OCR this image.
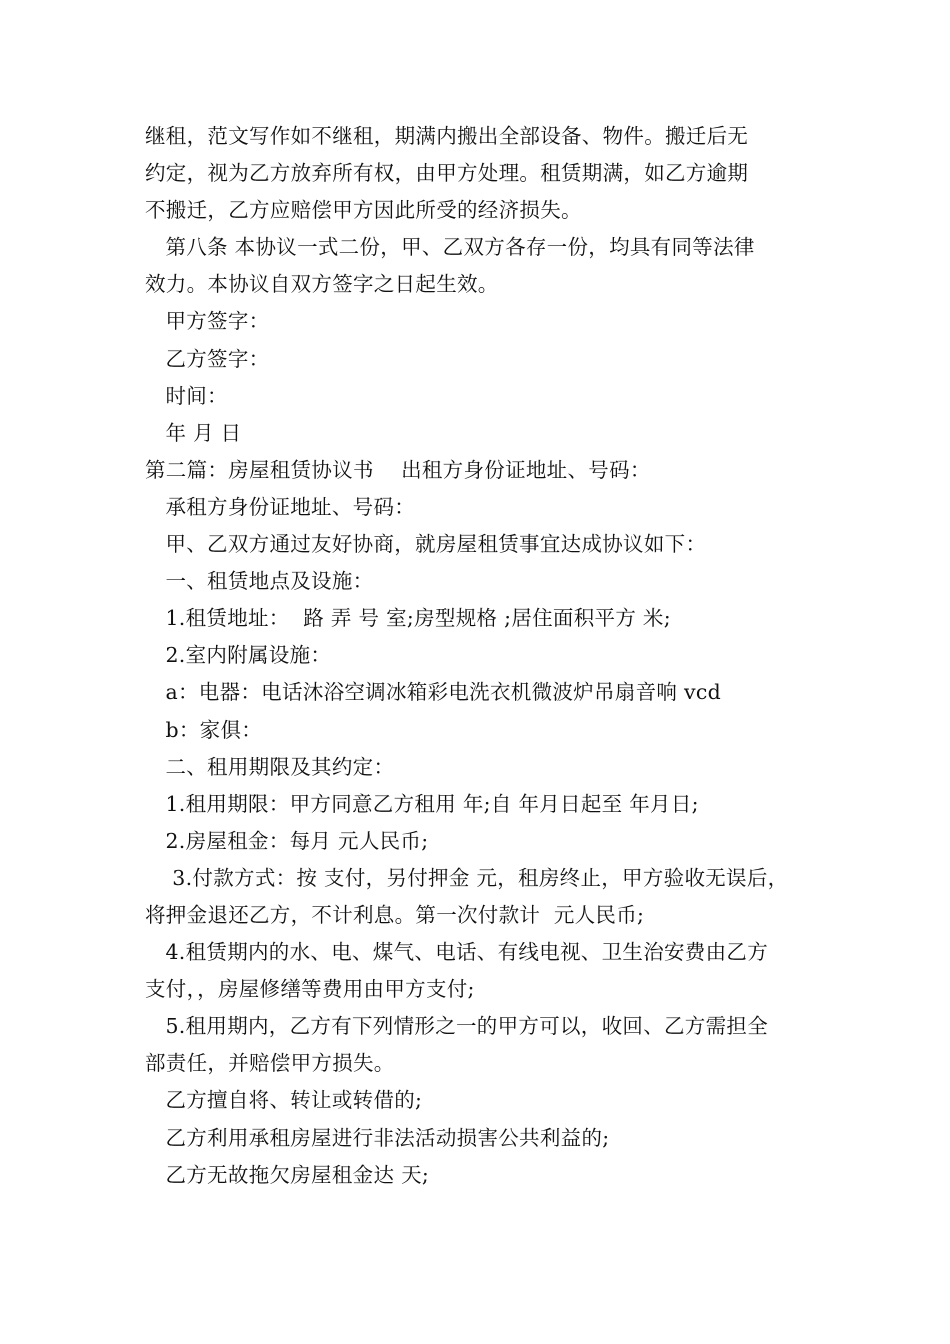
继租，范文写作如不继租，期满内搬出全部设备、物件。搬迁后无
约定，视为乙方放弃所有权，由甲方处理。租赁期满，如乙方逾期
不搬迁，乙方应赔偿甲方因此所受的经济损失。
第八条 本协议一式二份，甲、乙双方各存一份，均具有同等法律
效力。本协议自双方签字之日起生效。
甲方签字：
乙方签字：
时间：
年 月 日
第二篇：房屋租赁协议书    出租方身份证地址、号码：
承租方身份证地址、号码：
甲、乙双方通过友好协商，就房屋租赁事宜达成协议如下：
一、租赁地点及设施：
1.租赁地址：  路 弄 号 室;房型规格 ;居住面积平方 米;
2.室内附属设施：
a：电器：电话沐浴空调冰箱彩电洗衣机微波炉吊扇音响 vcd
b：家俱：
二、租用期限及其约定：
1.租用期限：甲方同意乙方租用 年;自 年月日起至 年月日;
2.房屋租金：每月 元人民币;
3.付款方式：按 支付，另付押金 元，租房终止，甲方验收无误后，
将押金退还乙方，不计利息。第一次付款计  元人民币;
4.租赁期内的水、电、煤气、电话、有线电视、卫生治安费由乙方
支付，，房屋修缮等费用由甲方支付;
5.租用期内，乙方有下列情形之一的甲方可以，收回、乙方需担全
部责任，并赔偿甲方损失。
乙方擅自将、转让或转借的;
乙方利用承租房屋进行非法活动损害公共利益的;
乙方无故拖欠房屋租金达 天;
